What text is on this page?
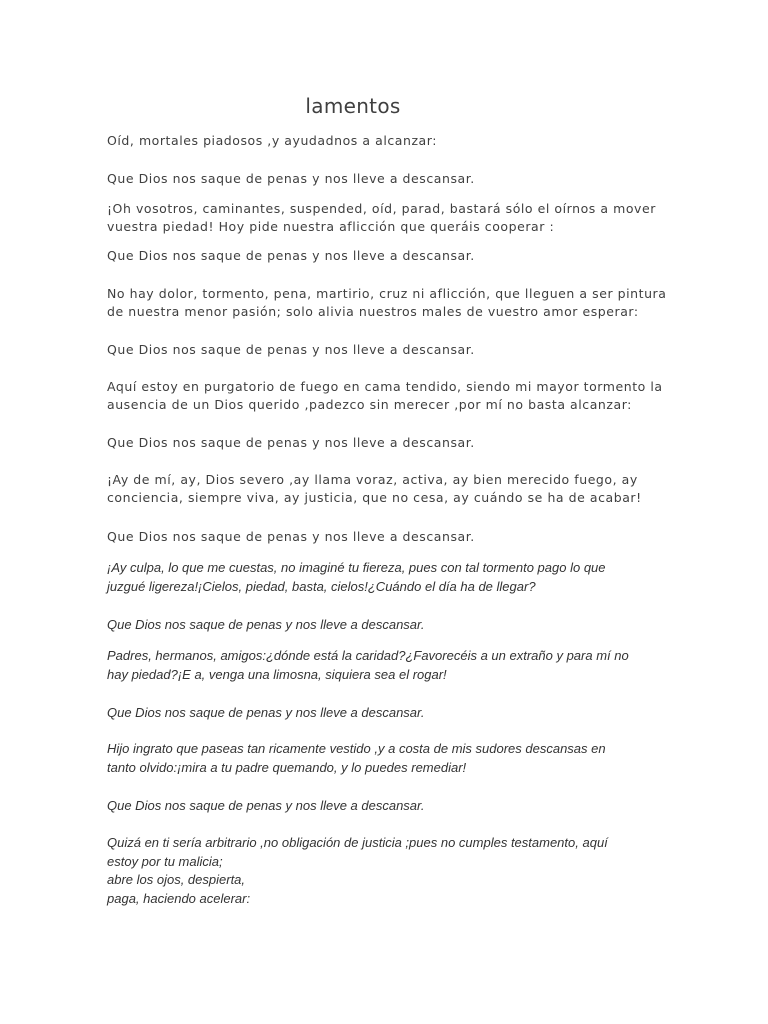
lamentos

Oíd, mortales piadosos ,y ayudadnos a alcanzar:

Que Dios nos saque de penas y nos lleve a descansar.

¡Oh vosotros, caminantes, suspended, oíd, parad, bastará sólo el oírnos a mover
vuestra piedad! Hoy pide nuestra aflicción que queráis cooperar :

Que Dios nos saque de penas y nos lleve a descansar.

No hay dolor, tormento, pena, martirio, cruz ni aflicción, que lleguen a ser pintura
de nuestra menor pasión; solo alivia nuestros males de vuestro amor esperar:

Que Dios nos saque de penas y nos lleve a descansar.

Aquí estoy en purgatorio de fuego en cama tendido, siendo mi mayor tormento la
ausencia de un Dios querido ,padezco sin merecer ,por mí no basta alcanzar:

Que Dios nos saque de penas y nos lleve a descansar.

¡Ay de mí, ay, Dios severo ,ay llama voraz, activa, ay bien merecido fuego, ay
conciencia, siempre viva, ay justicia, que no cesa, ay cuándo se ha de acabar!

Que Dios nos saque de penas y nos lleve a descansar.

¡Ay culpa, lo que me cuestas, no imaginé tu fiereza, pues con tal tormento pago lo que
juzgué ligereza!¡Cielos, piedad, basta, cielos!¿Cuándo el día ha de llegar?

Que Dios nos saque de penas y nos lleve a descansar.

Padres, hermanos, amigos:¿dónde está la caridad?¿Favorecéis a un extraño y para mí no
hay piedad?¡E a, venga una limosna, siquiera sea el rogar!

Que Dios nos saque de penas y nos lleve a descansar.

Hijo ingrato que paseas tan ricamente vestido ,y a costa de mis sudores descansas en
tanto olvido:¡mira a tu padre quemando, y lo puedes remediar!

Que Dios nos saque de penas y nos lleve a descansar.

Quizá en ti sería arbitrario ,no obligación de justicia ;pues no cumples testamento, aquí
estoy por tu malicia;
abre los ojos, despierta,
paga, haciendo acelerar:
